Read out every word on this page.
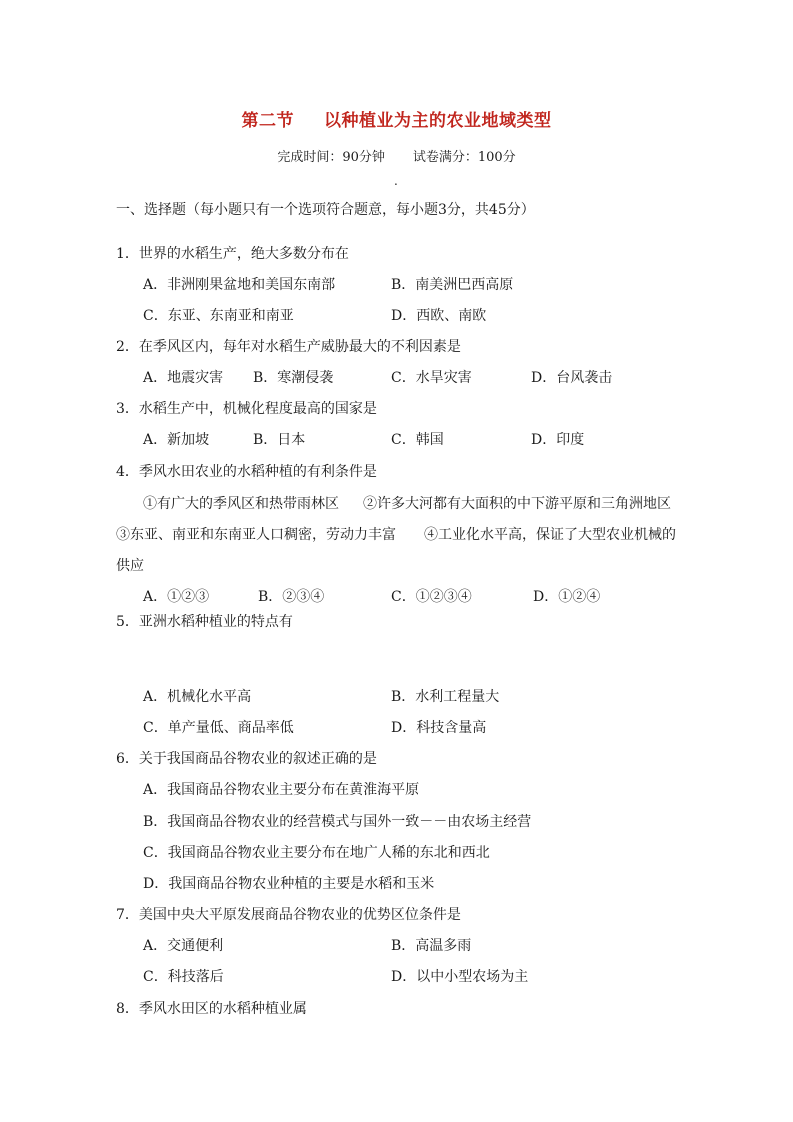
第二节 以种植业为主的农业地域类型
完成时间：90分钟 试卷满分：100分
.
一、选择题（每小题只有一个选项符合题意，每小题3分，共45分）
1．世界的水稻生产，绝大多数分布在
A．非洲刚果盆地和美国东南部	B．南美洲巴西高原
C．东亚、东南亚和南亚	D．西欧、南欧
2．在季风区内，每年对水稻生产威胁最大的不利因素是
A．地震灾害 B．寒潮侵袭	C．水旱灾害	D．台风袭击
3．水稻生产中，机械化程度最高的国家是
A．新加坡	B．日本	C．韩国	D．印度
4．季风水田农业的水稻种植的有利条件是
①有广大的季风区和热带雨林区 ②许多大河都有大面积的中下游平原和三角洲地区
③东亚、南亚和东南亚人口稠密，劳动力丰富 ④工业化水平高，保证了大型农业机械的
供应
A．①②③	B．②③④	C．①②③④	D．①②④
5．亚洲水稻种植业的特点有
A．机械化水平高	B．水利工程量大
C．单产量低、商品率低	D．科技含量高
6．关于我国商品谷物农业的叙述正确的是
A．我国商品谷物农业主要分布在黄淮海平原
B．我国商品谷物农业的经营模式与国外一致－－由农场主经营
C．我国商品谷物农业主要分布在地广人稀的东北和西北
D．我国商品谷物农业种植的主要是水稻和玉米
7．美国中央大平原发展商品谷物农业的优势区位条件是
A．交通便利	B．高温多雨
C．科技落后	D．以中小型农场为主
8．季风水田区的水稻种植业属
